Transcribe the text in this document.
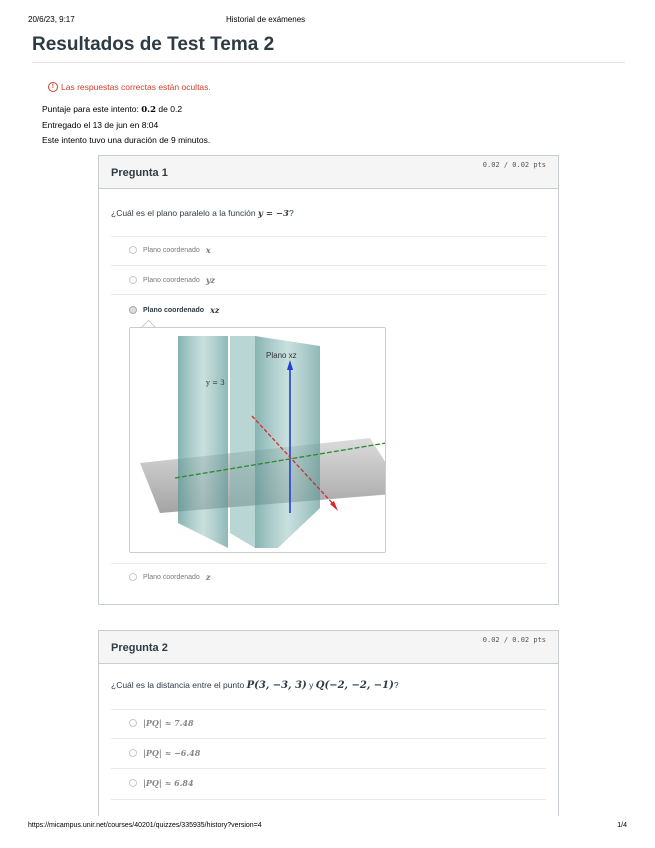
20/6/23, 9:17	Historial de exámenes
Resultados de Test Tema 2
! Las respuestas correctas están ocultas.
Puntaje para este intento: 0.2 de 0.2
Entregado el 13 de jun en 8:04
Este intento tuvo una duración de 9 minutos.
Pregunta 1
0.02 / 0.02 pts
¿Cuál es el plano paralelo a la función y = −3?
Plano coordenado x
Plano coordenado yz
Plano coordenado xz
Plano xz
y = 3
Plano coordenado z
Pregunta 2
0.02 / 0.02 pts
¿Cuál es la distancia entre el punto P(3, −3, 3) y Q(−2, −2, −1)?
|PQ| ≈ 7.48
|PQ| ≈ −6.48
|PQ| ≈ 6.84
https://micampus.unir.net/courses/40201/quizzes/335935/history?version=4	1/4
